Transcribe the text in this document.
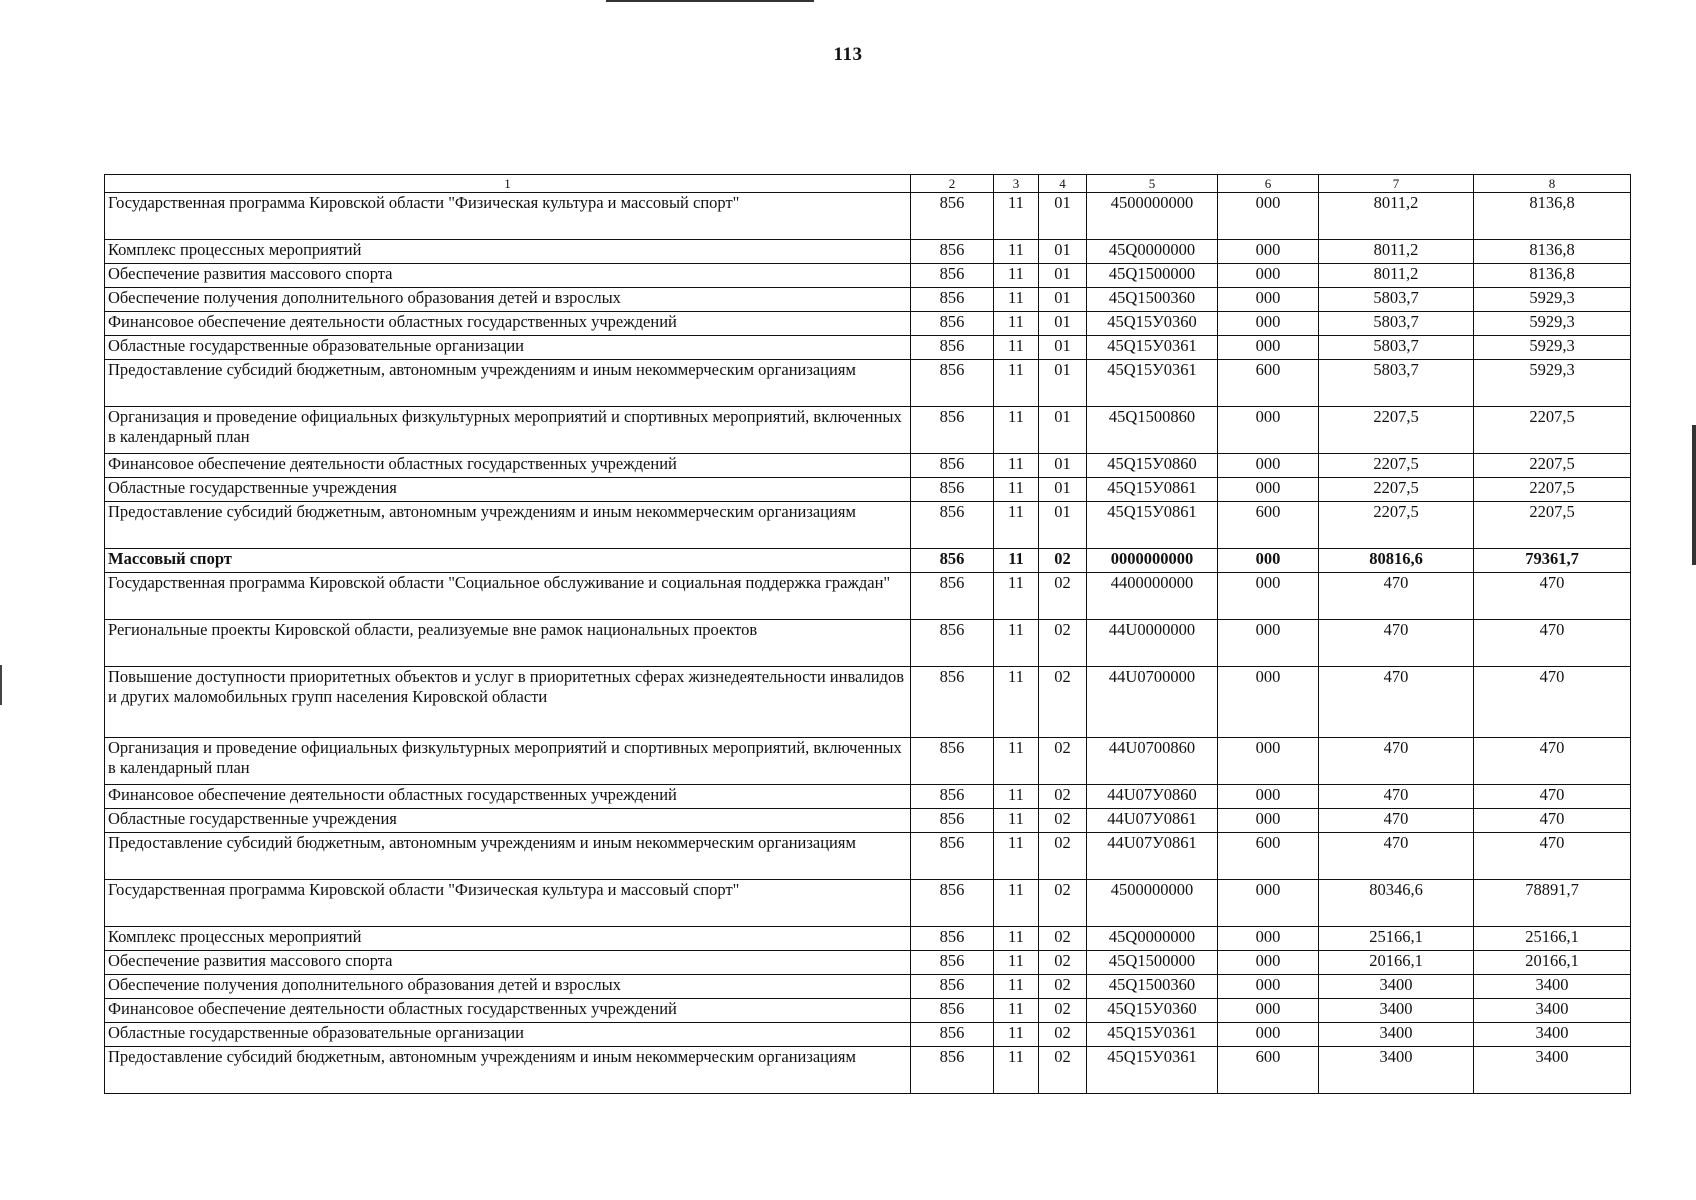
113
1	2	3	4	5	6	7	8
Государственная программа Кировской области "Физическая культура и массовый спорт"	856	11	01	4500000000	000	8011,2	8136,8
Комплекс процессных мероприятий	856	11	01	45Q0000000	000	8011,2	8136,8
Обеспечение развития массового спорта	856	11	01	45Q1500000	000	8011,2	8136,8
Обеспечение получения дополнительного образования детей и взрослых	856	11	01	45Q1500360	000	5803,7	5929,3
Финансовое обеспечение деятельности областных государственных учреждений	856	11	01	45Q15У0360	000	5803,7	5929,3
Областные государственные образовательные организации	856	11	01	45Q15У0361	000	5803,7	5929,3
Предоставление субсидий бюджетным, автономным учреждениям и иным некоммерческим организациям	856	11	01	45Q15У0361	600	5803,7	5929,3
Организация и проведение официальных физкультурных мероприятий и спортивных мероприятий, включенных в календарный план	856	11	01	45Q1500860	000	2207,5	2207,5
Финансовое обеспечение деятельности областных государственных учреждений	856	11	01	45Q15У0860	000	2207,5	2207,5
Областные государственные учреждения	856	11	01	45Q15У0861	000	2207,5	2207,5
Предоставление субсидий бюджетным, автономным учреждениям и иным некоммерческим организациям	856	11	01	45Q15У0861	600	2207,5	2207,5
Массовый спорт	856	11	02	0000000000	000	80816,6	79361,7
Государственная программа Кировской области "Социальное обслуживание и социальная поддержка граждан"	856	11	02	4400000000	000	470	470
Региональные проекты Кировской области, реализуемые вне рамок национальных проектов	856	11	02	44U0000000	000	470	470
Повышение доступности приоритетных объектов и услуг в приоритетных сферах жизнедеятельности инвалидов и других маломобильных групп населения Кировской области	856	11	02	44U0700000	000	470	470
Организация и проведение официальных физкультурных мероприятий и спортивных мероприятий, включенных в календарный план	856	11	02	44U0700860	000	470	470
Финансовое обеспечение деятельности областных государственных учреждений	856	11	02	44U07У0860	000	470	470
Областные государственные учреждения	856	11	02	44U07У0861	000	470	470
Предоставление субсидий бюджетным, автономным учреждениям и иным некоммерческим организациям	856	11	02	44U07У0861	600	470	470
Государственная программа Кировской области "Физическая культура и массовый спорт"	856	11	02	4500000000	000	80346,6	78891,7
Комплекс процессных мероприятий	856	11	02	45Q0000000	000	25166,1	25166,1
Обеспечение развития массового спорта	856	11	02	45Q1500000	000	20166,1	20166,1
Обеспечение получения дополнительного образования детей и взрослых	856	11	02	45Q1500360	000	3400	3400
Финансовое обеспечение деятельности областных государственных учреждений	856	11	02	45Q15У0360	000	3400	3400
Областные государственные образовательные организации	856	11	02	45Q15У0361	000	3400	3400
Предоставление субсидий бюджетным, автономным учреждениям и иным некоммерческим организациям	856	11	02	45Q15У0361	600	3400	3400
